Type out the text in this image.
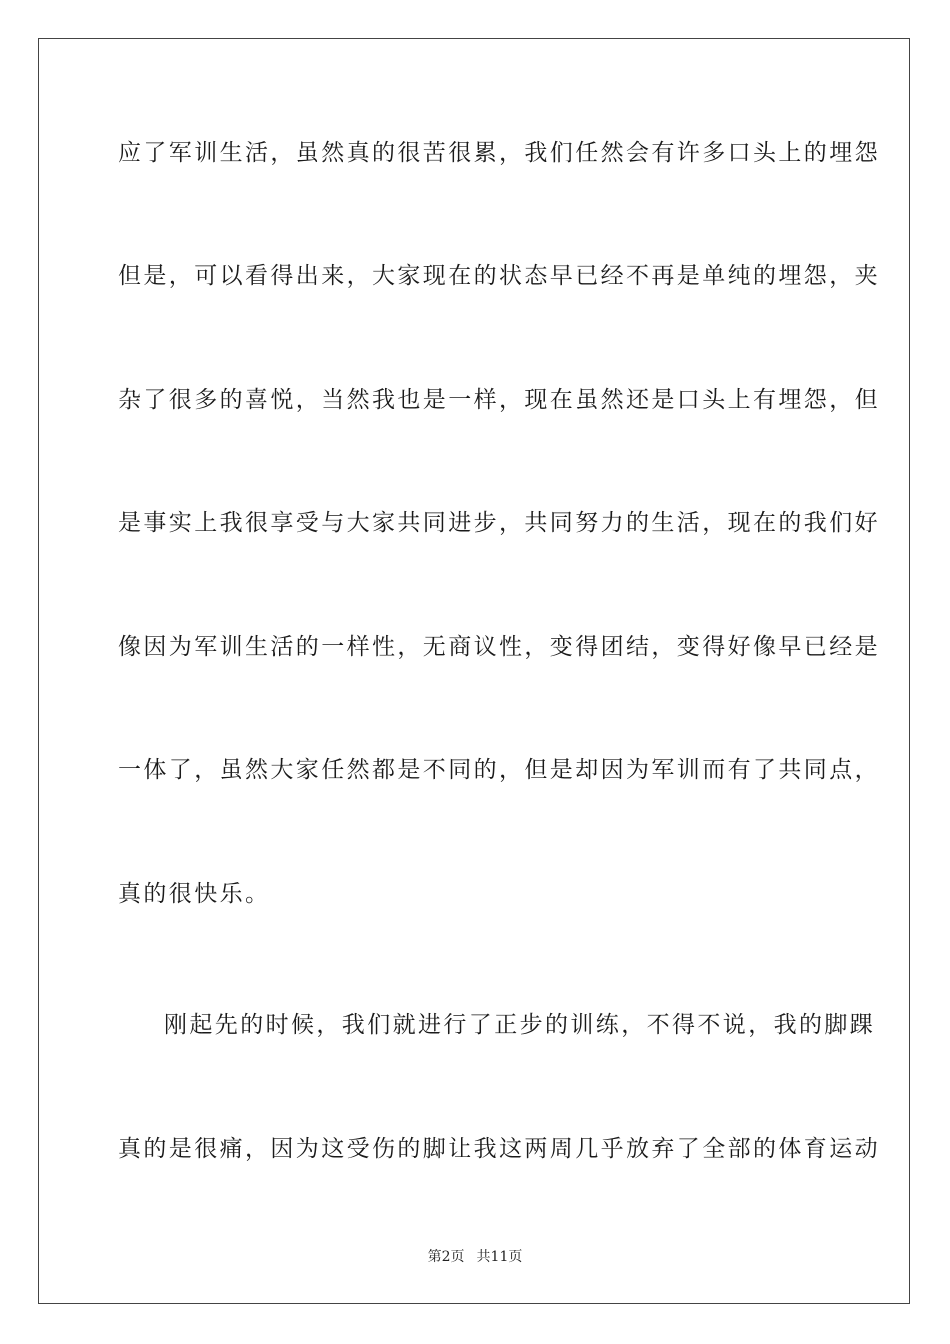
应了军训生活，虽然真的很苦很累，我们任然会有许多口头上的埋怨
但是，可以看得出来，大家现在的状态早已经不再是单纯的埋怨，夹
杂了很多的喜悦，当然我也是一样，现在虽然还是口头上有埋怨，但
是事实上我很享受与大家共同进步，共同努力的生活，现在的我们好
像因为军训生活的一样性，无商议性，变得团结，变得好像早已经是
一体了，虽然大家任然都是不同的，但是却因为军训而有了共同点，
真的很快乐。
刚起先的时候，我们就进行了正步的训练，不得不说，我的脚踝
真的是很痛，因为这受伤的脚让我这两周几乎放弃了全部的体育运动
第2页 共11页
